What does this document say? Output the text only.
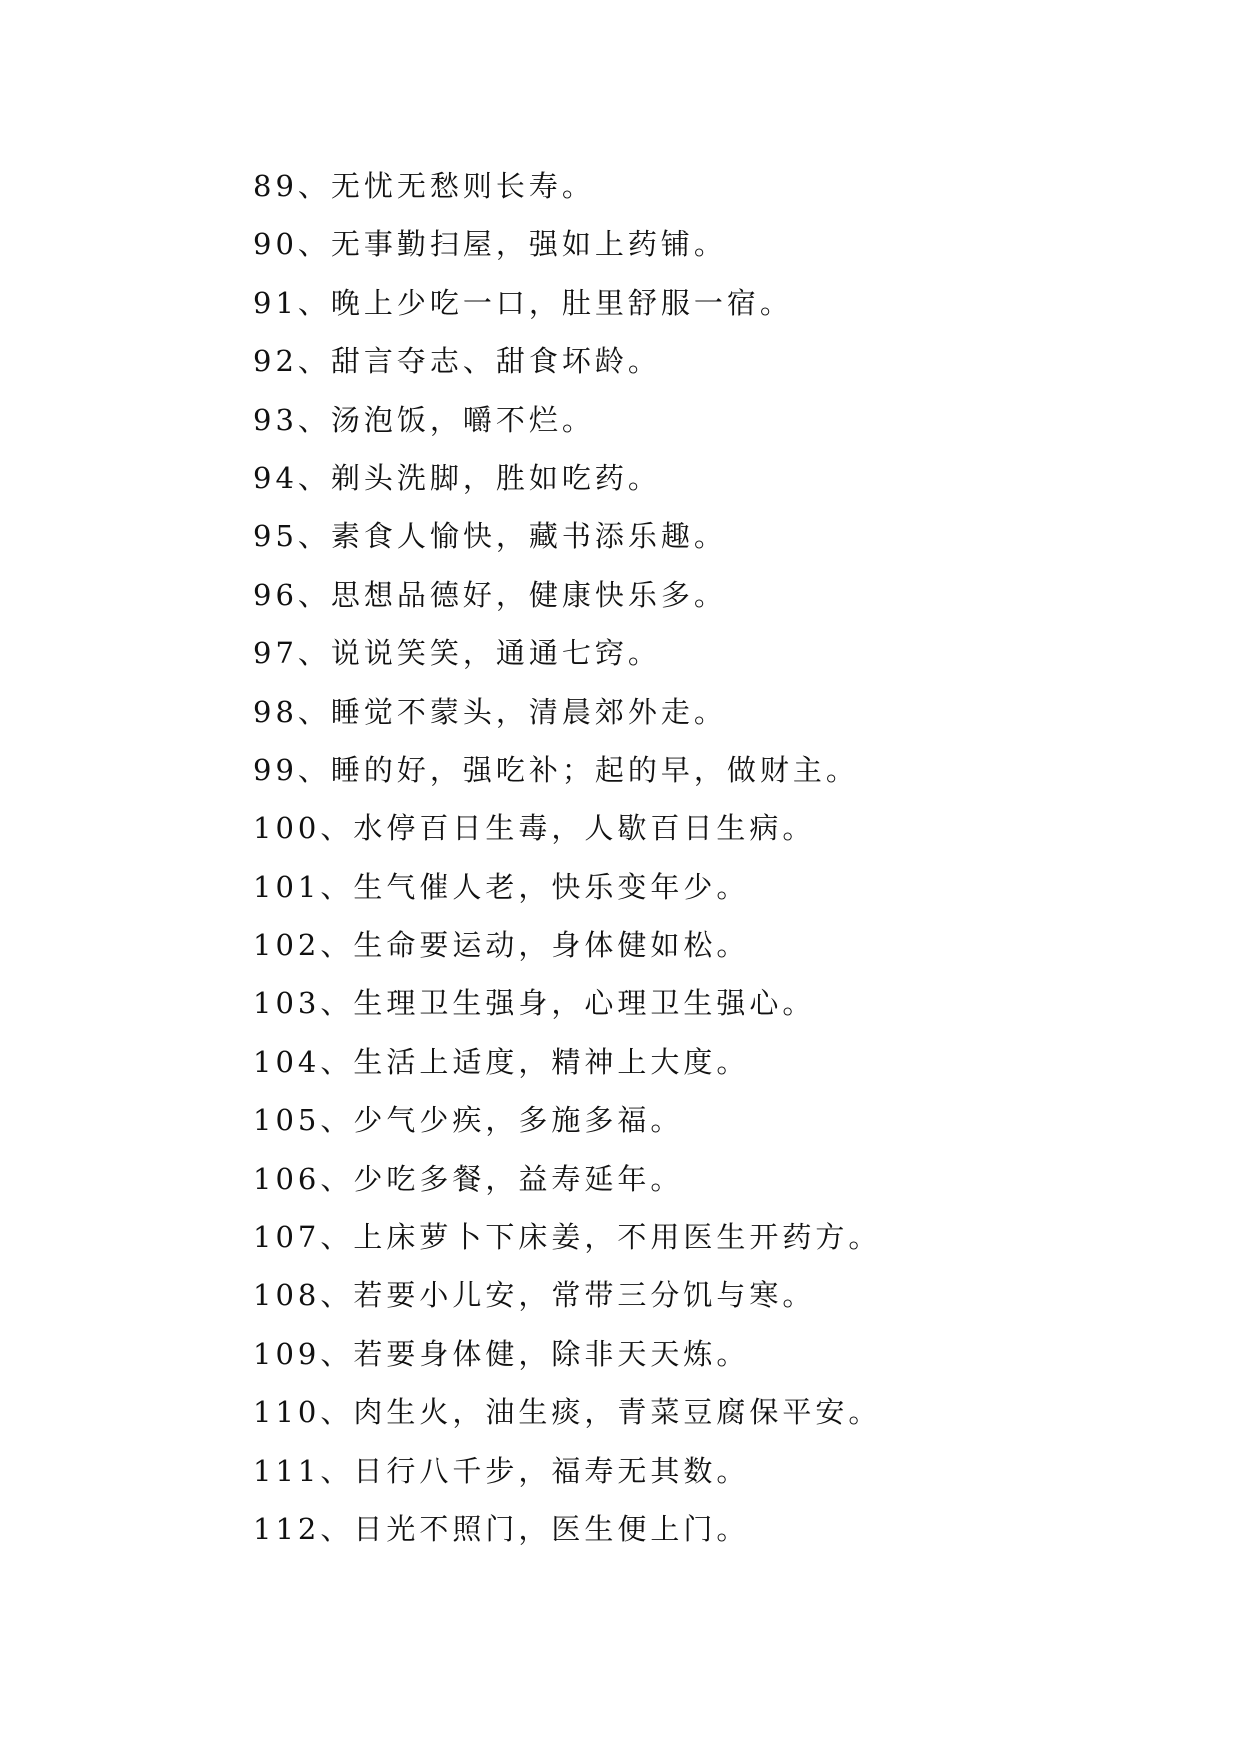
89、无忧无愁则长寿。
90、无事勤扫屋，强如上药铺。
91、晚上少吃一口，肚里舒服一宿。
92、甜言夺志、甜食坏龄。
93、汤泡饭，嚼不烂。
94、剃头洗脚，胜如吃药。
95、素食人愉快，藏书添乐趣。
96、思想品德好，健康快乐多。
97、说说笑笑，通通七窍。
98、睡觉不蒙头，清晨郊外走。
99、睡的好，强吃补；起的早，做财主。
100、水停百日生毒，人歇百日生病。
101、生气催人老，快乐变年少。
102、生命要运动，身体健如松。
103、生理卫生强身，心理卫生强心。
104、生活上适度，精神上大度。
105、少气少疾，多施多福。
106、少吃多餐，益寿延年。
107、上床萝卜下床姜，不用医生开药方。
108、若要小儿安，常带三分饥与寒。
109、若要身体健，除非天天炼。
110、肉生火，油生痰，青菜豆腐保平安。
111、日行八千步，福寿无其数。
112、日光不照门，医生便上门。
